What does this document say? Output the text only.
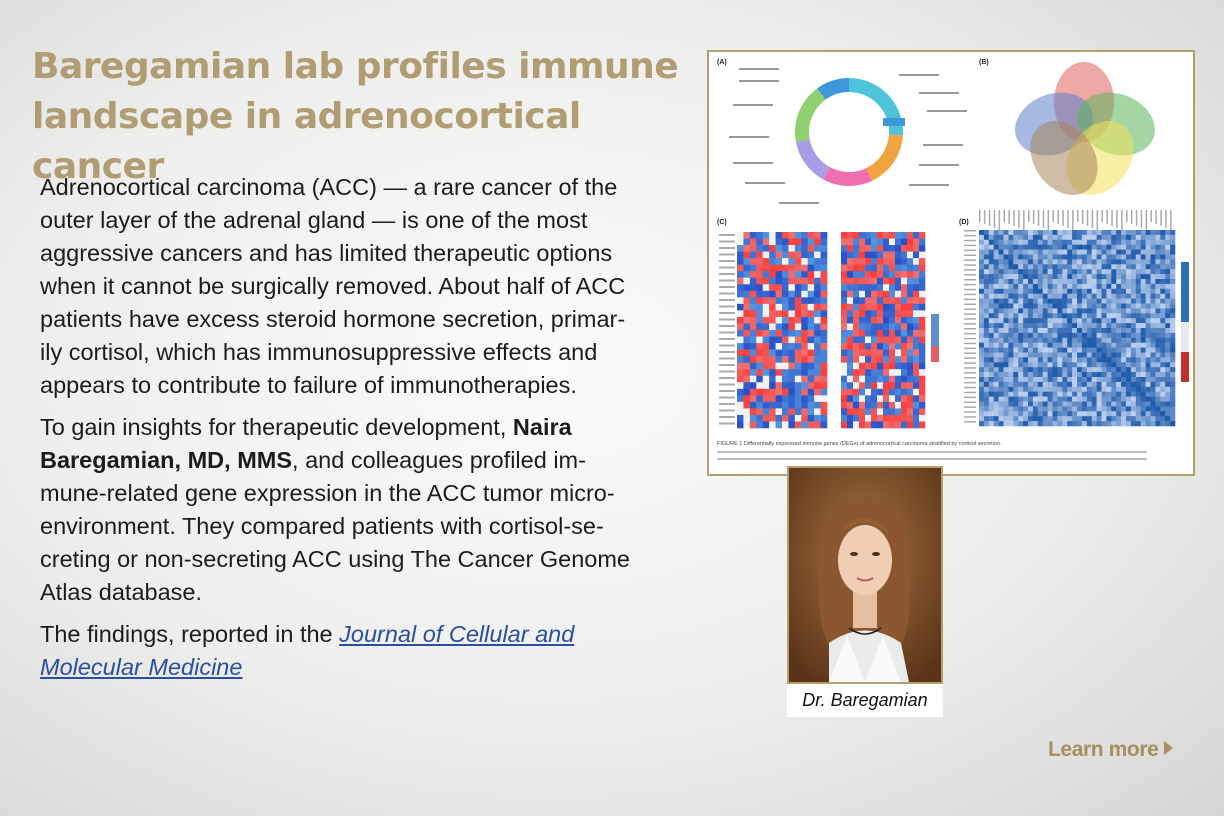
Baregamian lab profiles immune
landscape in adrenocortical cancer

Adrenocortical carcinoma (ACC) — a rare cancer of the
outer layer of the adrenal gland — is one of the most
aggressive cancers and has limited therapeutic options
when it cannot be surgically removed. About half of ACC
patients have excess steroid hormone secretion, primar-
ily cortisol, which has immunosuppressive effects and
appears to contribute to failure of immunotherapies.

To gain insights for therapeutic development, Naira
Baregamian, MD, MMS, and colleagues profiled im-
mune-related gene expression in the ACC tumor micro-
environment. They compared patients with cortisol-se-
creting or non-secreting ACC using The Cancer Genome
Atlas database.

The findings, reported in the Journal of Cellular and
Molecular Medicine

(A)	(B)
(C)	(D)
FIGURE 1 Differentially expressed immune genes (DEGs) of adrenocortical carcinoma stratified by cortisol secretion.
Dr. Baregamian
Learn more
